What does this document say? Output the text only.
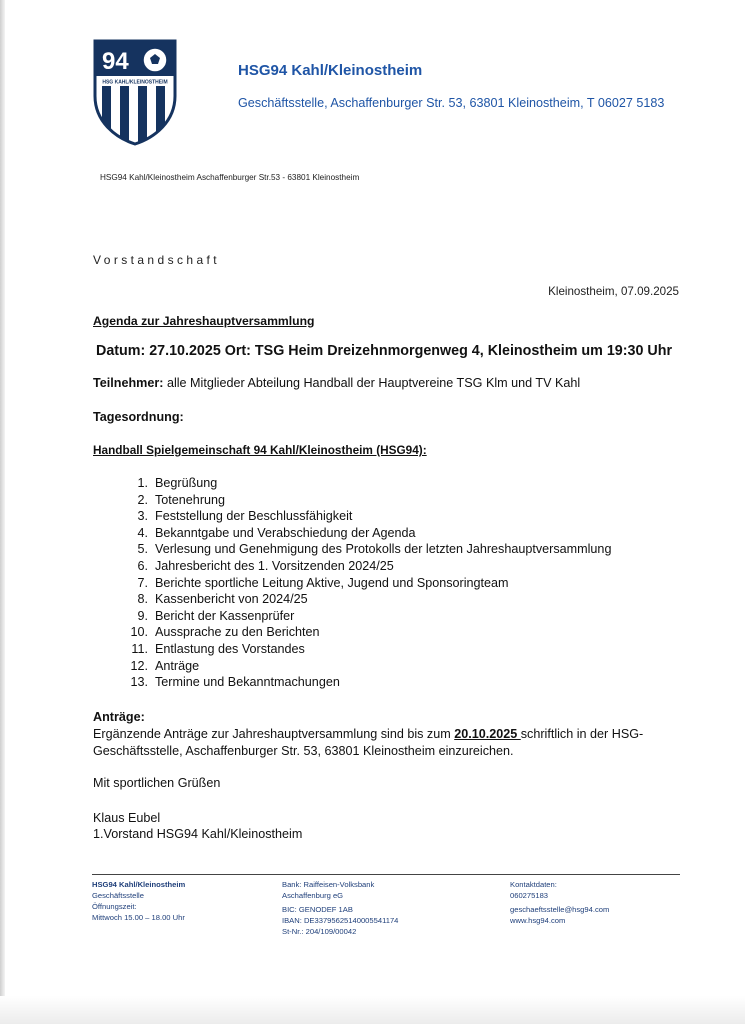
94
HSG KAHL/KLEINOSTHEIM
HSG94 Kahl/Kleinostheim
Geschäftsstelle, Aschaffenburger Str. 53, 63801 Kleinostheim, T 06027 5183
HSG94 Kahl/Kleinostheim Aschaffenburger Str.53 - 63801 Kleinostheim
Vorstandschaft
Kleinostheim, 07.09.2025
Agenda zur Jahreshauptversammlung
Datum: 27.10.2025 Ort: TSG Heim Dreizehnmorgenweg 4, Kleinostheim um 19:30 Uhr
Teilnehmer: alle Mitglieder Abteilung Handball der Hauptvereine TSG Klm und TV Kahl
Tagesordnung:
Handball Spielgemeinschaft 94 Kahl/Kleinostheim (HSG94):
1. Begrüßung
2. Totenehrung
3. Feststellung der Beschlussfähigkeit
4. Bekanntgabe und Verabschiedung der Agenda
5. Verlesung und Genehmigung des Protokolls der letzten Jahreshauptversammlung
6. Jahresbericht des 1. Vorsitzenden 2024/25
7. Berichte sportliche Leitung Aktive, Jugend und Sponsoringteam
8. Kassenbericht von 2024/25
9. Bericht der Kassenprüfer
10. Aussprache zu den Berichten
11. Entlastung des Vorstandes
12. Anträge
13. Termine und Bekanntmachungen
Anträge:
Ergänzende Anträge zur Jahreshauptversammlung sind bis zum 20.10.2025 schriftlich in der HSG-Geschäftsstelle, Aschaffenburger Str. 53, 63801 Kleinostheim einzureichen.
Mit sportlichen Grüßen
Klaus Eubel
1.Vorstand HSG94 Kahl/Kleinostheim
HSG94 Kahl/Kleinostheim
Geschäftsstelle
Öffnungszeit:
Mittwoch 15.00 – 18.00 Uhr
Bank: Raiffeisen-Volksbank
Aschaffenburg eG
BIC: GENODEF 1AB
IBAN: DE33795625140005541174
St-Nr.: 204/109/00042
Kontaktdaten:
060275183
geschaeftsstelle@hsg94.com
www.hsg94.com
